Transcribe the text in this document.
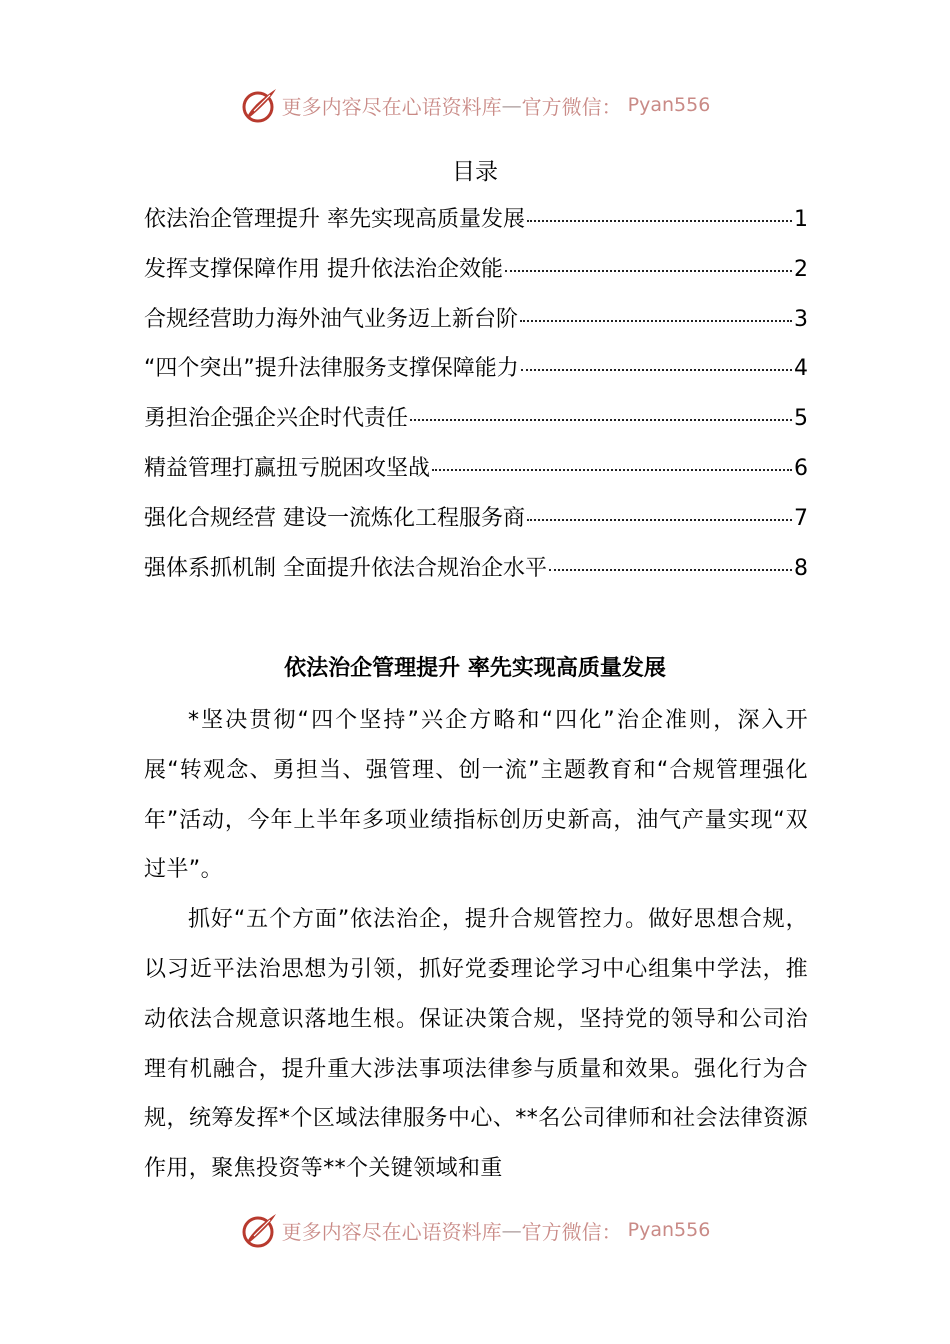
更多内容尽在心语资料库 — 官方微信： Pyan556
目录
依法治企管理提升 率先实现高质量发展	1
发挥支撑保障作用 提升依法治企效能	2
合规经营助力海外油气业务迈上新台阶	3
“四个突出”提升法律服务支撑保障能力	4
勇担治企强企兴企时代责任	5
精益管理打赢扭亏脱困攻坚战	6
强化合规经营 建设一流炼化工程服务商	7
强体系抓机制 全面提升依法合规治企水平	8
依法治企管理提升 率先实现高质量发展

*坚决贯彻“四个坚持”兴企方略和“四化”治企准则，深入开展“转观念、勇担当、强管理、创一流”主题教育和“合规管理强化年”活动，今年上半年多项业绩指标创历史新高，油气产量实现“双过半”。

抓好“五个方面”依法治企，提升合规管控力。做好思想合规，以习近平法治思想为引领，抓好党委理论学习中心组集中学法，推动依法合规意识落地生根。保证决策合规，坚持党的领导和公司治理有机融合，提升重大涉法事项法律参与质量和效果。强化行为合规，统筹发挥*个区域法律服务中心、**名公司律师和社会法律资源作用，聚焦投资等**个关键领域和重

更多内容尽在心语资料库 — 官方微信： Pyan556
